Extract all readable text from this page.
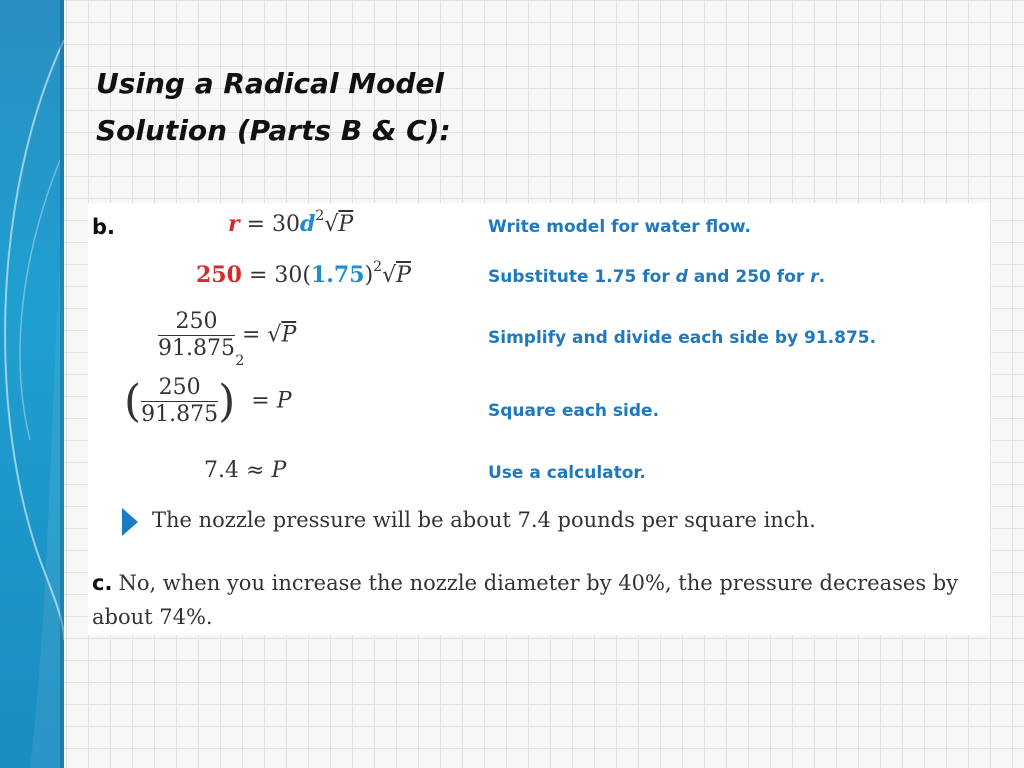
Using a Radical Model
Solution (Parts B & C):
b.	$r = 30d^2√P$	Write model for water flow.
$250 = 30(1.75)^2√P$	Substitute 1.75 for d and 250 for r.
$\frac{250}{91.875} = √P$	Simplify and divide each side by 91.875.
( $\frac{250}{91.875} )^2 = P$	Square each side.
7.4 ≈ P	Use a calculator.
The nozzle pressure will be about 7.4 pounds per square inch.
c. No, when you increase the nozzle diameter by 40%, the pressure decreases by about 74%.
